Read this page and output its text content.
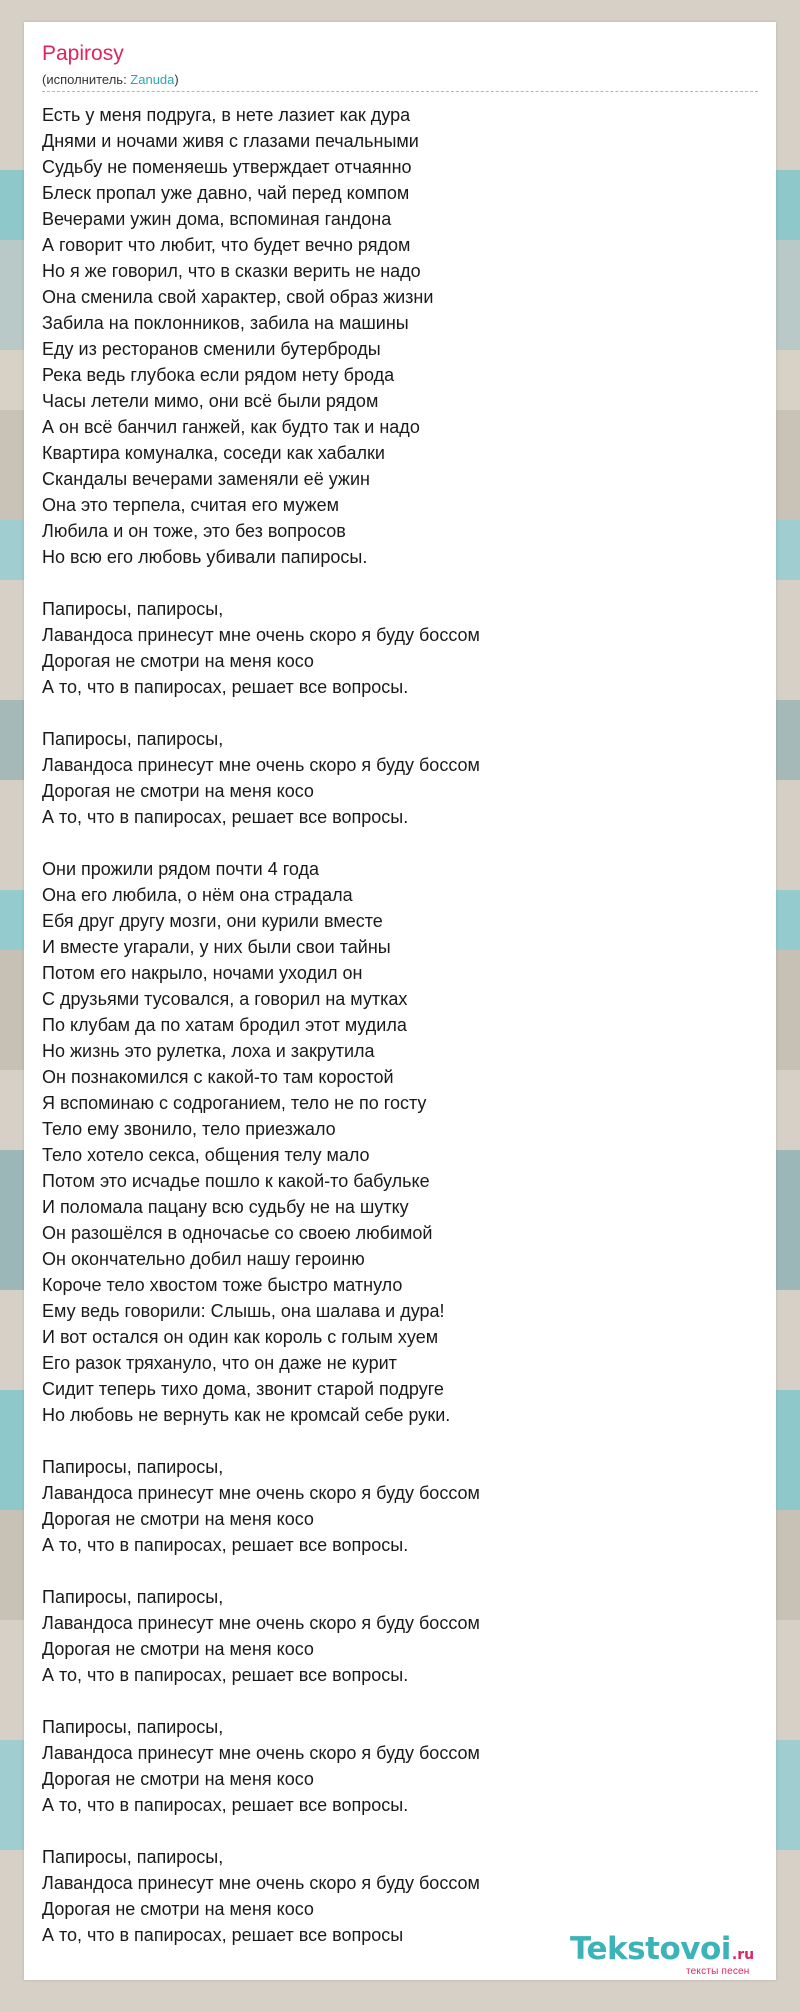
Papirosy
(исполнитель: Zanuda)
Есть у меня подруга, в нете лазиет как дура
Днями и ночами живя с глазами печальными
Судьбу не поменяешь утверждает отчаянно
Блеск пропал уже давно, чай перед компом
Вечерами ужин дома, вспоминая гандона
А говорит что любит, что будет вечно рядом
Но я же говорил, что в сказки верить не надо
Она сменила свой характер, свой образ жизни
Забила на поклонников, забила на машины
Еду из ресторанов сменили бутерброды
Река ведь глубока если рядом нету брода
Часы летели мимо, они всё были рядом
А он всё банчил ганжей, как будто так и надо
Квартира комуналка, соседи как хабалки
Скандалы вечерами заменяли её ужин
Она это терпела, считая его мужем
Любила и он тоже, это без вопросов
Но всю его любовь убивали папиросы.
Папиросы, папиросы,
Лавандоса принесут мне очень скоро я буду боссом
Дорогая не смотри на меня косо
А то, что в папиросах, решает все вопросы.
Папиросы, папиросы,
Лавандоса принесут мне очень скоро я буду боссом
Дорогая не смотри на меня косо
А то, что в папиросах, решает все вопросы.
Они прожили рядом почти 4 года
Она его любила, о нём она страдала
Ебя друг другу мозги, они курили вместе
И вместе угарали, у них были свои тайны
Потом его накрыло, ночами уходил он
С друзьями тусовался, а говорил на мутках
По клубам да по хатам бродил этот мудила
Но жизнь это рулетка, лоха и закрутила
Он познакомился с какой-то там коростой
Я вспоминаю с содроганием, тело не по госту
Тело ему звонило, тело приезжало
Тело хотело секса, общения телу мало
Потом это исчадье пошло к какой-то бабульке
И поломала пацану всю судьбу не на шутку
Он разошёлся в одночасье со своею любимой
Он окончательно добил нашу героиню
Короче тело хвостом тоже быстро матнуло
Ему ведь говорили: Слышь, она шалава и дура!
И вот остался он один как король с голым хуем
Его разок тряхануло, что он даже не курит
Сидит теперь тихо дома, звонит старой подруге
Но любовь не вернуть как не кромсай себе руки.
Папиросы, папиросы,
Лавандоса принесут мне очень скоро я буду боссом
Дорогая не смотри на меня косо
А то, что в папиросах, решает все вопросы.
Папиросы, папиросы,
Лавандоса принесут мне очень скоро я буду боссом
Дорогая не смотри на меня косо
А то, что в папиросах, решает все вопросы.
Папиросы, папиросы,
Лавандоса принесут мне очень скоро я буду боссом
Дорогая не смотри на меня косо
А то, что в папиросах, решает все вопросы.
Папиросы, папиросы,
Лавандоса принесут мне очень скоро я буду боссом
Дорогая не смотри на меня косо
А то, что в папиросах, решает все вопросы	Tekstovoi.ru
тексты песен
